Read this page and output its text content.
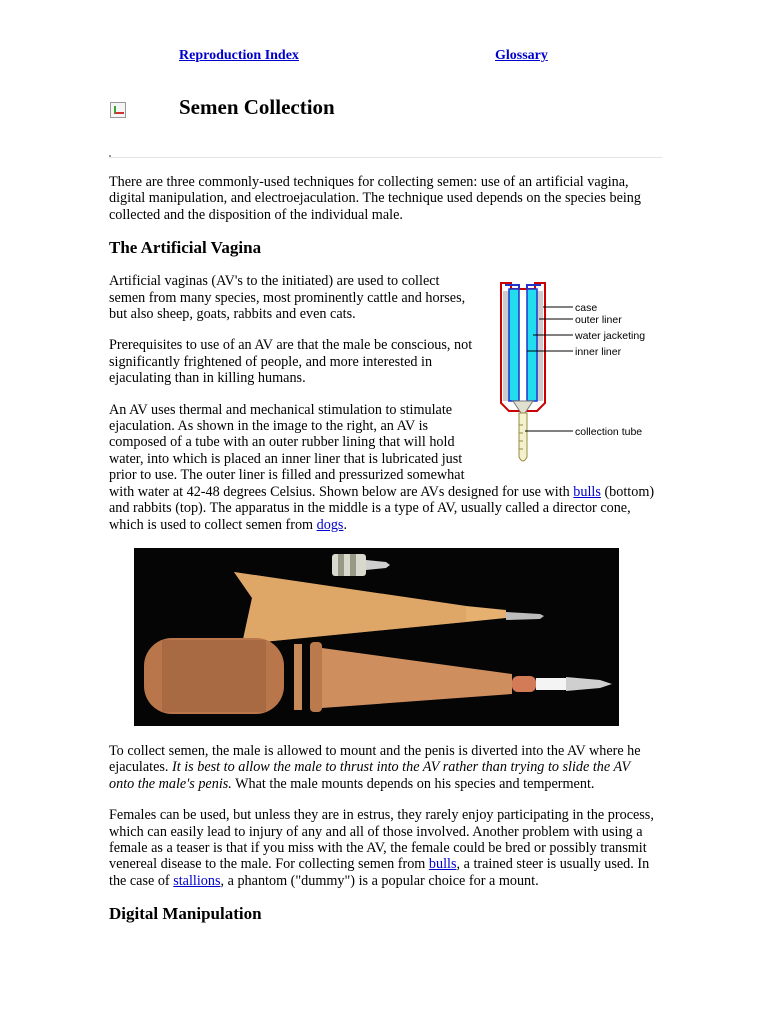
Reproduction Index	Glossary
Semen Collection

There are three commonly-used techniques for collecting semen: use of an artificial vagina, digital manipulation, and electroejaculation. The technique used depends on the species being collected and the disposition of the individual male.

The Artificial Vagina
case
outer liner
water jacketing
inner liner
collection tube

Artificial vaginas (AV's to the initiated) are used to collect semen from many species, most prominently cattle and horses, but also sheep, goats, rabbits and even cats.

Prerequisites to use of an AV are that the male be conscious, not significantly frightened of people, and more interested in ejaculating than in killing humans.

An AV uses thermal and mechanical stimulation to stimulate ejaculation. As shown in the image to the right, an AV is composed of a tube with an outer rubber lining that will hold water, into which is placed an inner liner that is lubricated just prior to use. The outer liner is filled and pressurized somewhat with water at 42-48 degrees Celsius. Shown below are AVs designed for use with bulls (bottom) and rabbits (top). The apparatus in the middle is a type of AV, usually called a director cone, which is used to collect semen from dogs.

To collect semen, the male is allowed to mount and the penis is diverted into the AV where he ejaculates. It is best to allow the male to thrust into the AV rather than trying to slide the AV onto the male's penis. What the male mounts depends on his species and temperment.

Females can be used, but unless they are in estrus, they rarely enjoy participating in the process, which can easily lead to injury of any and all of those involved. Another problem with using a female as a teaser is that if you miss with the AV, the female could be bred or possibly transmit venereal disease to the male. For collecting semen from bulls, a trained steer is usually used. In the case of stallions, a phantom ("dummy") is a popular choice for a mount.

Digital Manipulation
